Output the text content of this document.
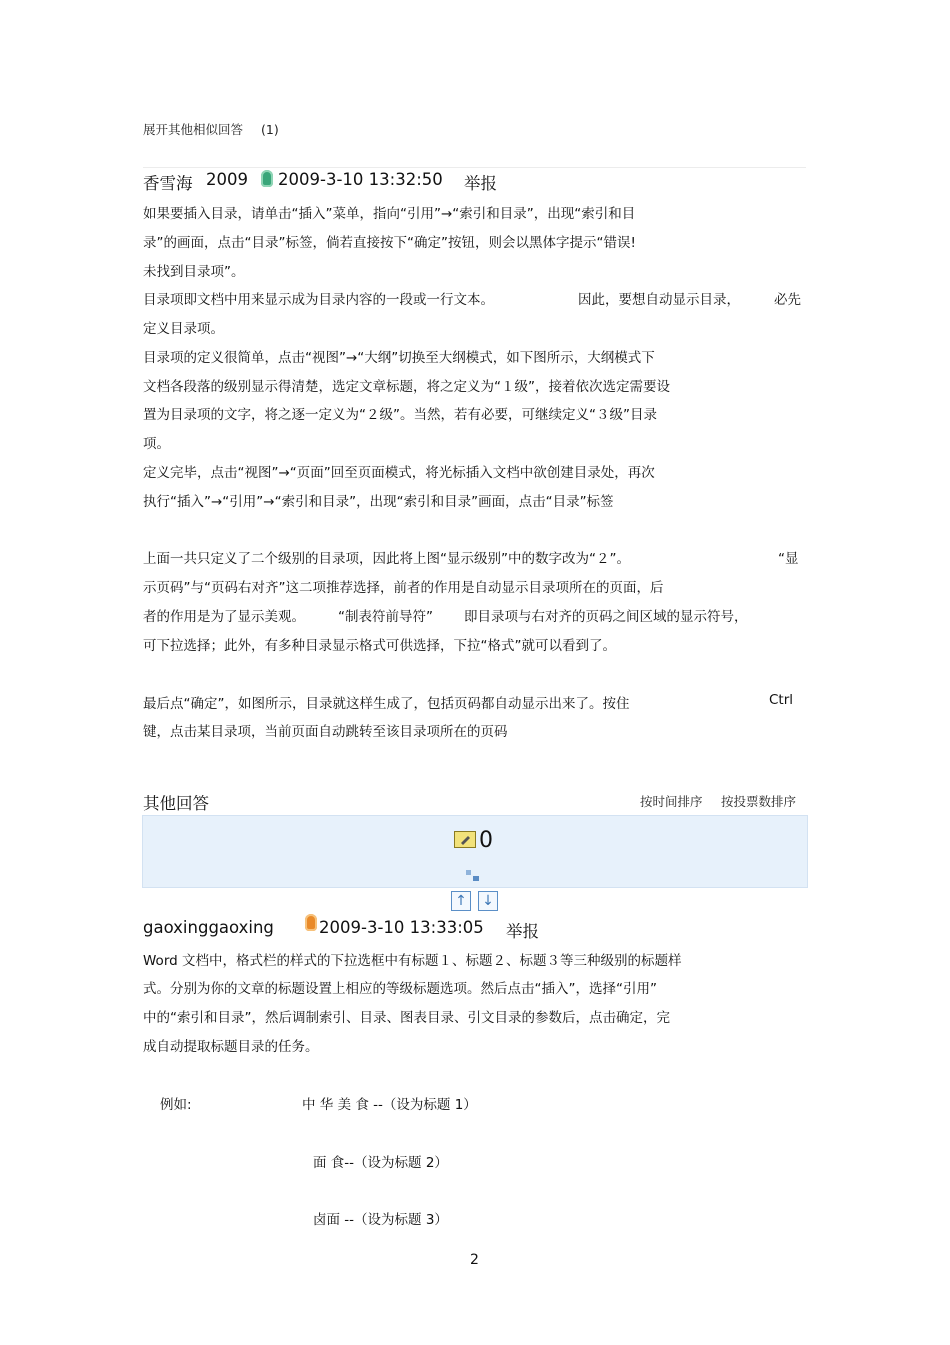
展开其他相似回答 (1)
香雪海 2009 2009-3-10 13:32:50 举报
如果要插入目录，请单击“插入”菜单，指向“引用”→“索引和目录”，出现“索引和目
录”的画面，点击“目录”标签，倘若直接按下“确定”按钮，则会以黑体字提示“错误!
未找到目录项”。
目录项即文档中用来显示成为目录内容的一段或一行文本。	因此，要想自动显示目录，	必先
定义目录项。
目录项的定义很简单，点击“视图”→“大纲”切换至大纲模式，如下图所示，大纲模式下
文档各段落的级别显示得清楚，选定文章标题，将之定义为“１级”，接着依次选定需要设
置为目录项的文字，将之逐一定义为“２级”。当然，若有必要，可继续定义“３级”目录
项。
定义完毕，点击“视图”→“页面”回至页面模式，将光标插入文档中欲创建目录处，再次
执行“插入”→“引用”→“索引和目录”，出现“索引和目录”画面，点击“目录”标签
上面一共只定义了二个级别的目录项，因此将上图“显示级别”中的数字改为“２”。	“显
示页码”与“页码右对齐”这二项推荐选择，前者的作用是自动显示目录项所在的页面，后
者的作用是为了显示美观。 “制表符前导符” 即目录项与右对齐的页码之间区域的显示符号，
可下拉选择；此外，有多种目录显示格式可供选择，下拉“格式”就可以看到了。
最后点“确定”，如图所示，目录就这样生成了，包括页码都自动显示出来了。按住	Ctrl
键，点击某目录项，当前页面自动跳转至该目录项所在的页码
其他回答	按时间排序 按投票数排序
0
↑ ↓
gaoxinggaoxing	2009-3-10 13:33:05 举报
Word 文档中，格式栏的样式的下拉选框中有标题１、标题２、标题３等三种级别的标题样
式。分别为你的文章的标题设置上相应的等级标题选项。然后点击“插入”，选择“引用”
中的“索引和目录”，然后调制索引、目录、图表目录、引文目录的参数后，点击确定，完
成自动提取标题目录的任务。
例如:	中 华 美 食 --（设为标题 1）
面 食--（设为标题 2）
卤面 --（设为标题 3）
2
